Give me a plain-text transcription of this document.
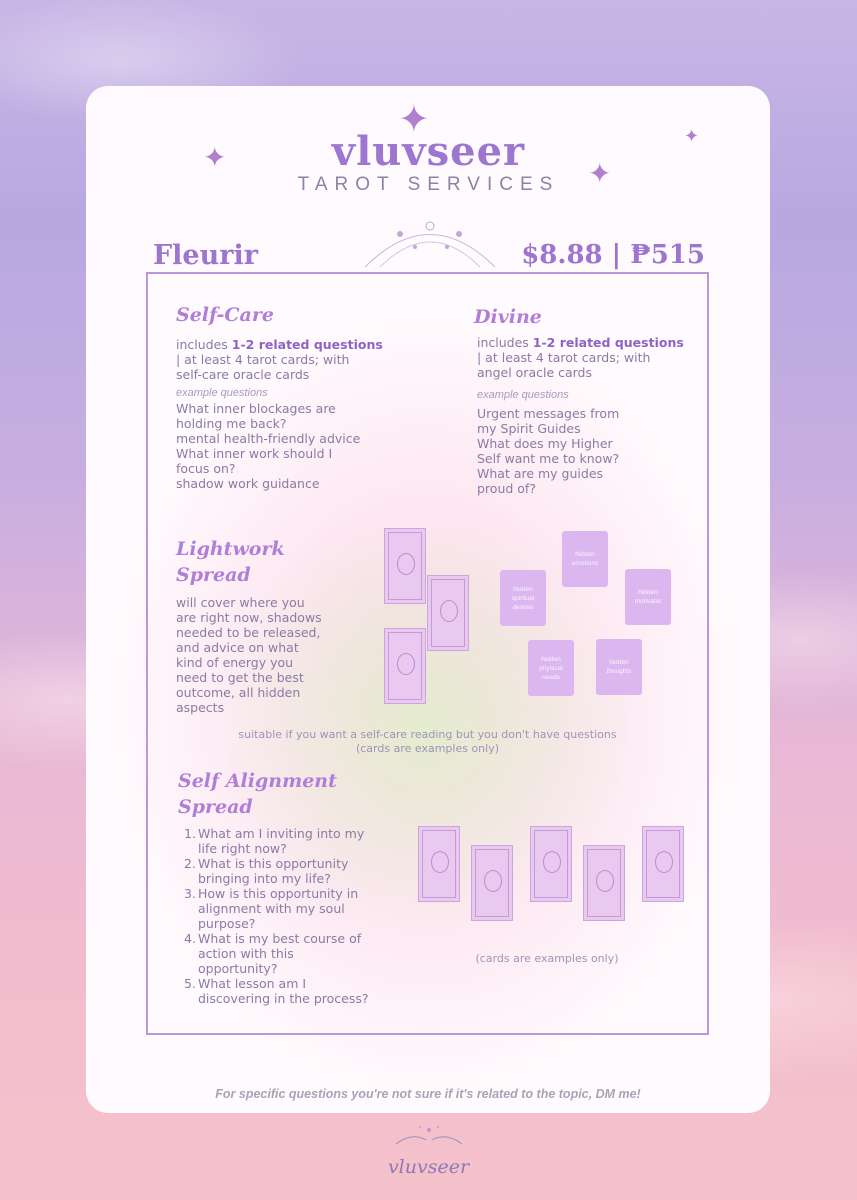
✦
✦	✦
✦
vluvseer
TAROT SERVICES
Fleurir	$8.88 | ₱515
Self-Care
includes 1-2 related questions
| at least 4 tarot cards; with
self-care oracle cards
example questions
What inner blockages are
holding me back?
mental health-friendly advice
What inner work should I
focus on?
shadow work guidance
Divine
includes 1-2 related questions
| at least 4 tarot cards; with
angel oracle cards
example questions
Urgent messages from
my Spirit Guides
What does my Higher
Self want me to know?
What are my guides
proud of?
Lightwork
Spread
will cover where you
are right now, shadows
needed to be released,
and advice on what
kind of energy you
need to get the best
outcome, all hidden
aspects
hidden
emotions
hidden
spiritual
desires
hidden
motivator
hidden
physical
needs
hidden
thoughts
suitable if you want a self-care reading but you don't have questions
(cards are examples only)
Self Alignment
Spread
1. What am I inviting into my
life right now?
2. What is this opportunity
bringing into my life?
3. How is this opportunity in
alignment with my soul
purpose?
4. What is my best course of
action with this
opportunity?
5. What lesson am I
discovering in the process?
(cards are examples only)
For specific questions you're not sure if it's related to the topic, DM me!
vluvseer
